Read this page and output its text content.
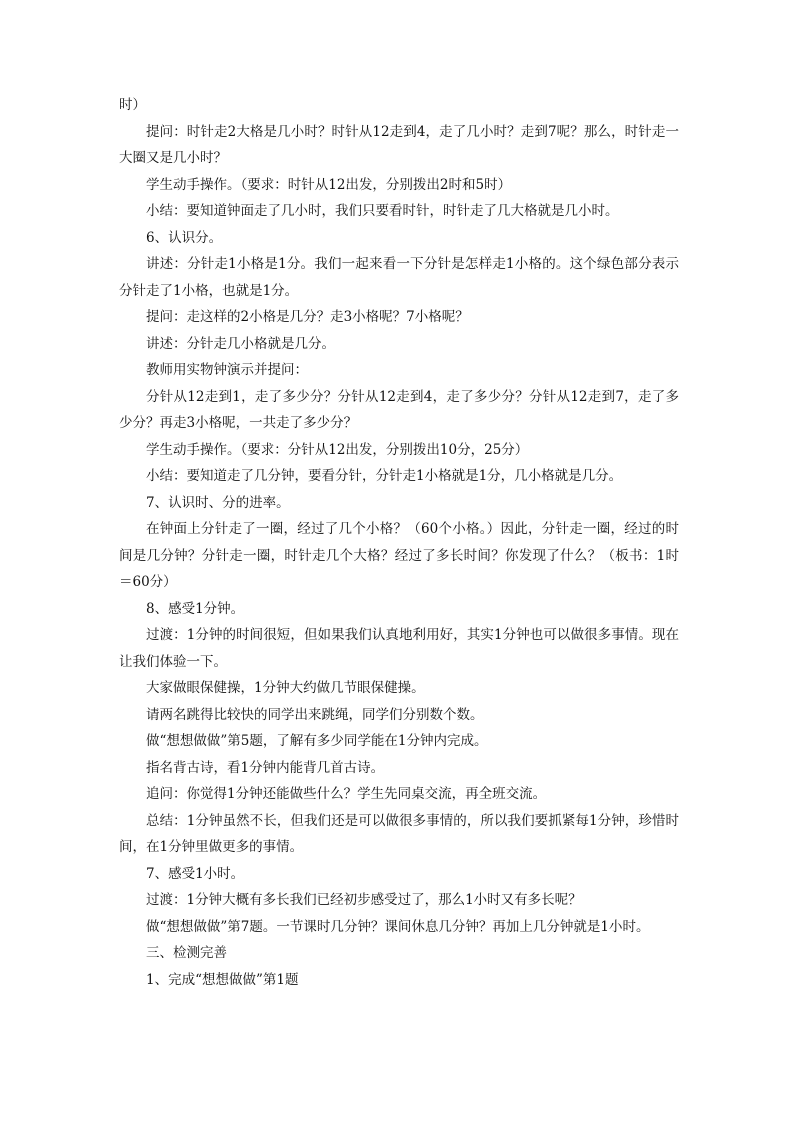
时）

提问：时针走2大格是几小时？时针从12走到4，走了几小时？走到7呢？那么，时针走一大圈又是几小时？

学生动手操作。（要求：时针从12出发，分别拨出2时和5时）

小结：要知道钟面走了几小时，我们只要看时针，时针走了几大格就是几小时。

6、认识分。

讲述：分针走1小格是1分。我们一起来看一下分针是怎样走1小格的。这个绿色部分表示分针走了1小格，也就是1分。

提问：走这样的2小格是几分？走3小格呢？7小格呢？

讲述：分针走几小格就是几分。

教师用实物钟演示并提问：

分针从12走到1，走了多少分？分针从12走到4，走了多少分？分针从12走到7，走了多少分？再走3小格呢，一共走了多少分？

学生动手操作。（要求：分针从12出发，分别拨出10分，25分）

小结：要知道走了几分钟，要看分针，分针走1小格就是1分，几小格就是几分。

7、认识时、分的进率。

在钟面上分针走了一圈，经过了几个小格？（60个小格。）因此，分针走一圈，经过的时间是几分钟？分针走一圈，时针走几个大格？经过了多长时间？你发现了什么？（板书：1时＝60分）

8、感受1分钟。

过渡：1分钟的时间很短，但如果我们认真地利用好，其实1分钟也可以做很多事情。现在让我们体验一下。

大家做眼保健操，1分钟大约做几节眼保健操。

请两名跳得比较快的同学出来跳绳，同学们分别数个数。

做“想想做做”第5题，了解有多少同学能在1分钟内完成。

指名背古诗，看1分钟内能背几首古诗。

追问：你觉得1分钟还能做些什么？学生先同桌交流，再全班交流。

总结：1分钟虽然不长，但我们还是可以做很多事情的，所以我们要抓紧每1分钟，珍惜时间，在1分钟里做更多的事情。

7、感受1小时。

过渡：1分钟大概有多长我们已经初步感受过了，那么1小时又有多长呢？

做“想想做做”第7题。一节课时几分钟？课间休息几分钟？再加上几分钟就是1小时。

三、检测完善

1、完成“想想做做”第1题
